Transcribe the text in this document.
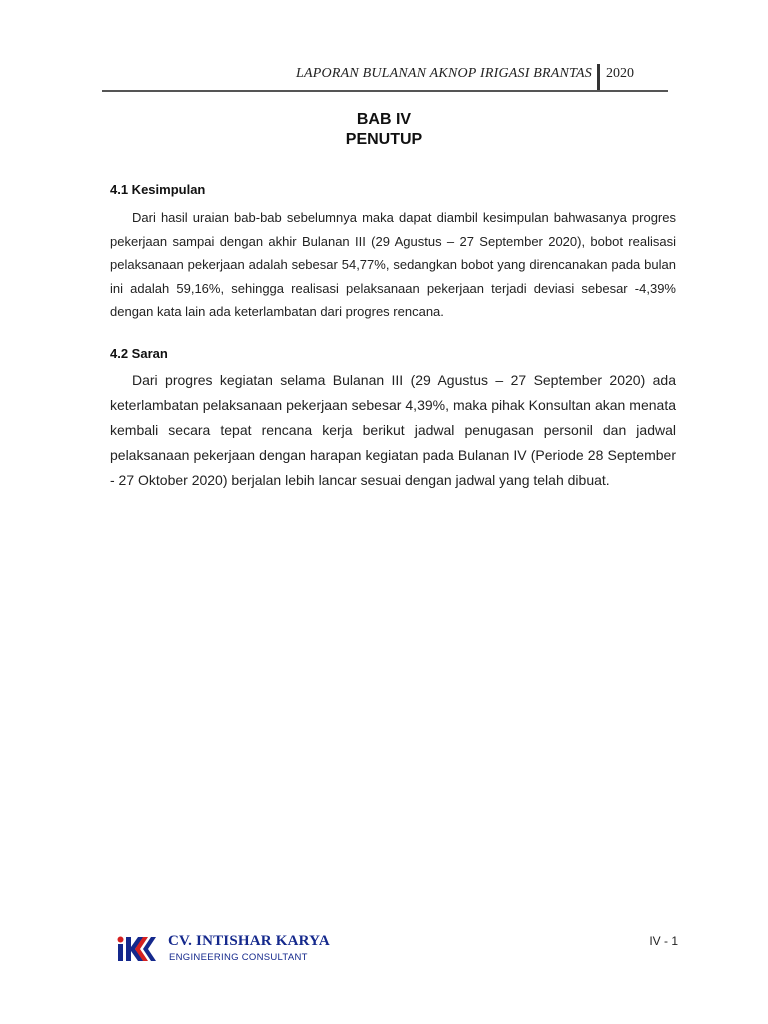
LAPORAN BULANAN AKNOP IRIGASI BRANTAS 2020
BAB IV
PENUTUP
4.1 Kesimpulan

Dari hasil uraian bab-bab sebelumnya maka dapat diambil kesimpulan bahwasanya progres pekerjaan sampai dengan akhir Bulanan III (29 Agustus – 27 September 2020), bobot realisasi pelaksanaan pekerjaan adalah sebesar 54,77%, sedangkan bobot yang direncanakan pada bulan ini adalah 59,16%, sehingga realisasi pelaksanaan pekerjaan terjadi deviasi sebesar -4,39% dengan kata lain ada keterlambatan dari progres rencana.

4.2 Saran

Dari progres kegiatan selama Bulanan III (29 Agustus – 27 September 2020) ada keterlambatan pelaksanaan pekerjaan sebesar 4,39%, maka pihak Konsultan akan menata kembali secara tepat rencana kerja berikut jadwal penugasan personil dan jadwal pelaksanaan pekerjaan dengan harapan kegiatan pada Bulanan IV (Periode 28 September - 27 Oktober 2020) berjalan lebih lancar sesuai dengan jadwal yang telah dibuat.

CV. INTISHAR KARYA
ENGINEERING CONSULTANT
IV - 1
